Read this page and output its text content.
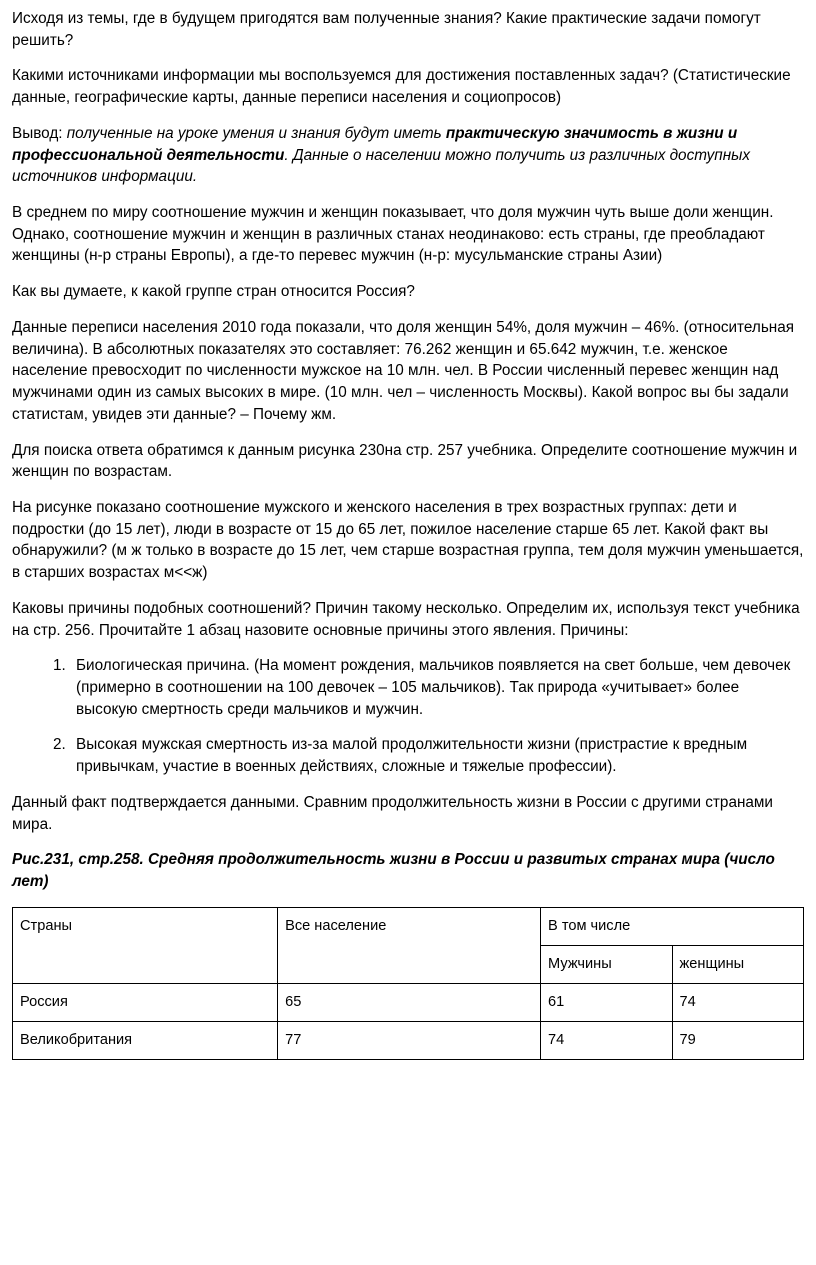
Исходя из темы, где в будущем пригодятся вам полученные знания? Какие практические задачи помогут решить?

Какими источниками информации мы воспользуемся для достижения поставленных задач? (Статистические данные, географические карты, данные переписи населения и социопросов)

Вывод: полученные на уроке умения и знания будут иметь практическую значимость в жизни и профессиональной деятельности. Данные о населении можно получить из различных доступных источников информации.

В среднем по миру соотношение мужчин и женщин показывает, что доля мужчин чуть выше доли женщин. Однако, соотношение мужчин и женщин в различных станах неодинаково: есть страны, где преобладают женщины (н-р страны Европы), а где-то перевес мужчин (н-р: мусульманские страны Азии)

Как вы думаете, к какой группе стран относится Россия?

Данные переписи населения 2010 года показали, что доля женщин 54%, доля мужчин – 46%. (относительная величина). В абсолютных показателях это составляет: 76.262 женщин и 65.642 мужчин, т.е. женское население превосходит по численности мужское на 10 млн. чел. В России численный перевес женщин над мужчинами один из самых высоких в мире. (10 млн. чел – численность Москвы). Какой вопрос вы бы задали статистам, увидев эти данные? – Почему жм.

Для поиска ответа обратимся к данным рисунка 230на стр. 257 учебника. Определите соотношение мужчин и женщин по возрастам.

На рисунке показано соотношение мужского и женского населения в трех возрастных группах: дети и подростки (до 15 лет), люди в возрасте от 15 до 65 лет, пожилое население старше 65 лет. Какой факт вы обнаружили? (м ж только в возрасте до 15 лет, чем старше возрастная группа, тем доля мужчин уменьшается, в старших возрастах м<<ж)

Каковы причины подобных соотношений? Причин такому несколько. Определим их, используя текст учебника на стр. 256. Прочитайте 1 абзац назовите основные причины этого явления. Причины:

1. Биологическая причина. (На момент рождения, мальчиков появляется на свет больше, чем девочек (примерно в соотношении на 100 девочек – 105 мальчиков). Так природа «учитывает» более высокую смертность среди мальчиков и мужчин.
2. Высокая мужская смертность из-за малой продолжительности жизни (пристрастие к вредным привычкам, участие в военных действиях, сложные и тяжелые профессии).

Данный факт подтверждается данными. Сравним продолжительность жизни в России с другими странами мира.

Рис.231, стр.258. Средняя продолжительность жизни в России и развитых странах мира (число лет)

Страны	Все население	В том числе	
		Мужчины	женщины
Россия	65	61	74
Великобритания	77	74	79
